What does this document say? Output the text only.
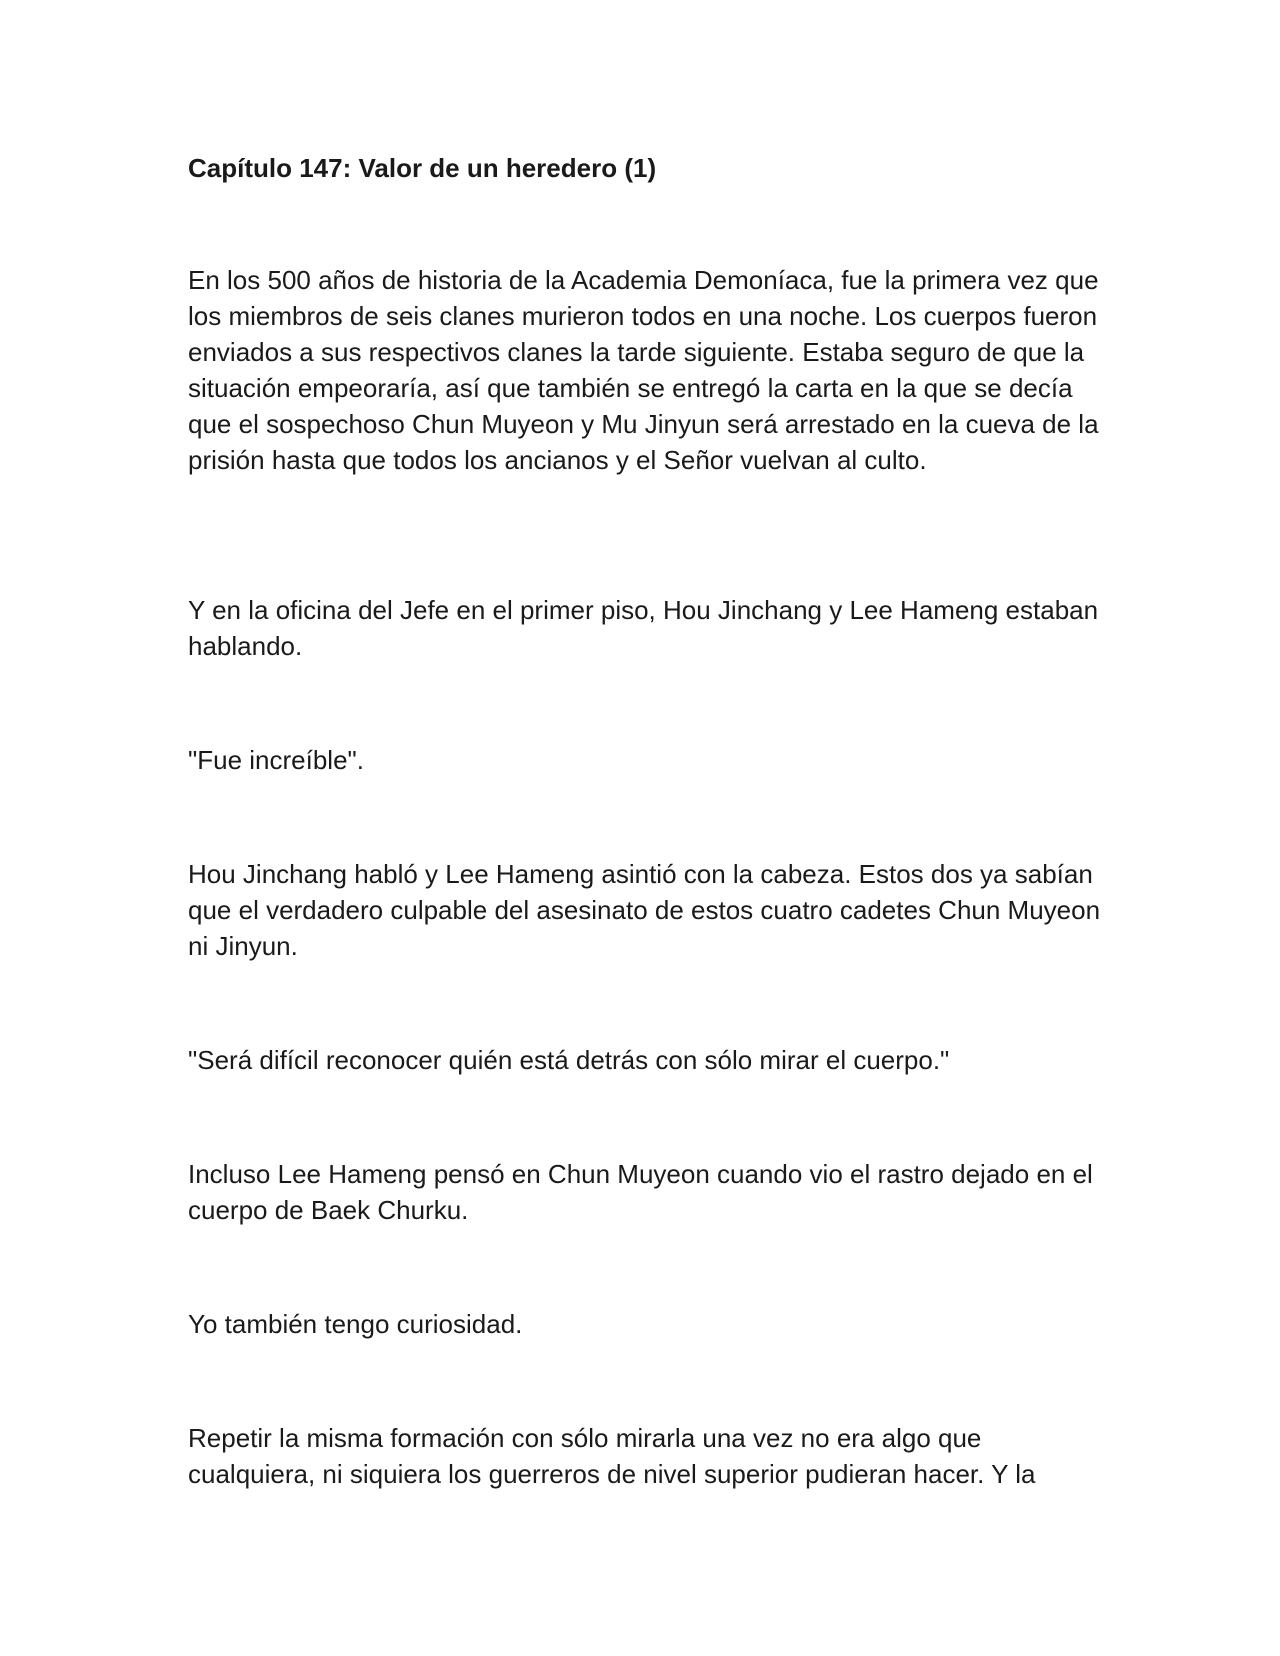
Capítulo 147: Valor de un heredero (1)

En los 500 años de historia de la Academia Demoníaca, fue la primera vez que los miembros de seis clanes murieron todos en una noche. Los cuerpos fueron enviados a sus respectivos clanes la tarde siguiente. Estaba seguro de que la situación empeoraría, así que también se entregó la carta en la que se decía que el sospechoso Chun Muyeon y Mu Jinyun será arrestado en la cueva de la prisión hasta que todos los ancianos y el Señor vuelvan al culto.

Y en la oficina del Jefe en el primer piso, Hou Jinchang y Lee Hameng estaban hablando.

"Fue increíble".

Hou Jinchang habló y Lee Hameng asintió con la cabeza. Estos dos ya sabían que el verdadero culpable del asesinato de estos cuatro cadetes Chun Muyeon ni Jinyun.

"Será difícil reconocer quién está detrás con sólo mirar el cuerpo."

Incluso Lee Hameng pensó en Chun Muyeon cuando vio el rastro dejado en el cuerpo de Baek Churku.

Yo también tengo curiosidad.

Repetir la misma formación con sólo mirarla una vez no era algo que cualquiera, ni siquiera los guerreros de nivel superior pudieran hacer. Y la
